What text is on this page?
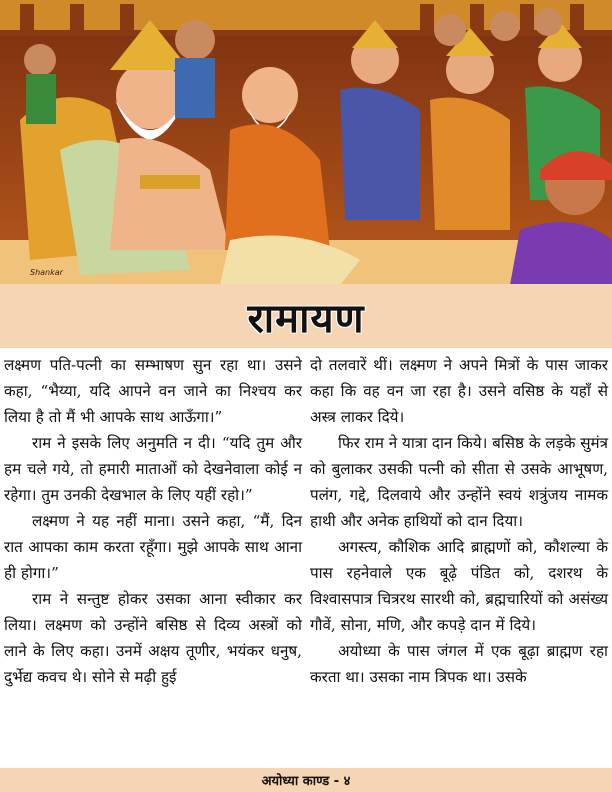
Shankar
रामायण

लक्ष्मण पति-पत्नी का सम्भाषण सुन रहा था। उसने कहा, “भैय्या, यदि आपने वन जाने का निश्चय कर लिया है तो मैं भी आपके साथ आऊँगा।”

राम ने इसके लिए अनुमति न दी। “यदि तुम और हम चले गये, तो हमारी माताओं को देखनेवाला कोई न रहेगा। तुम उनकी देखभाल के लिए यहीं रहो।”

लक्ष्मण ने यह नहीं माना। उसने कहा, “मैं, दिन रात आपका काम करता रहूँगा। मुझे आपके साथ आना ही होगा।”

राम ने सन्तुष्ट होकर उसका आना स्वीकार कर लिया। लक्ष्मण को उन्होंने बसिष्ठ से दिव्य अस्त्रों को लाने के लिए कहा। उनमें अक्षय तूणीर, भयंकर धनुष, दुर्भेद्य कवच थे। सोने से मढ़ी हुई

दो तलवारें थीं। लक्ष्मण ने अपने मित्रों के पास जाकर कहा कि वह वन जा रहा है। उसने वसिष्ठ के यहाँ से अस्त्र लाकर दिये।

फिर राम ने यात्रा दान किये। बसिष्ठ के लड़के सुमंत्र को बुलाकर उसकी पत्नी को सीता से उसके आभूषण, पलंग, गद्दे, दिलवाये और उन्होंने स्वयं शत्रुंजय नामक हाथी और अनेक हाथियों को दान दिया।

अगस्त्य, कौशिक आदि ब्राह्मणों को, कौशल्या के पास रहनेवाले एक बूढ़े पंडित को, दशरथ के विश्वासपात्र चित्ररथ सारथी को, ब्रह्मचारियों को असंख्य गौवें, सोना, मणि, और कपड़े दान में दिये।

अयोध्या के पास जंगल में एक बूढ़ा ब्राह्मण रहा करता था। उसका नाम त्रिपक था। उसके

अयोध्या काण्ड - ४
